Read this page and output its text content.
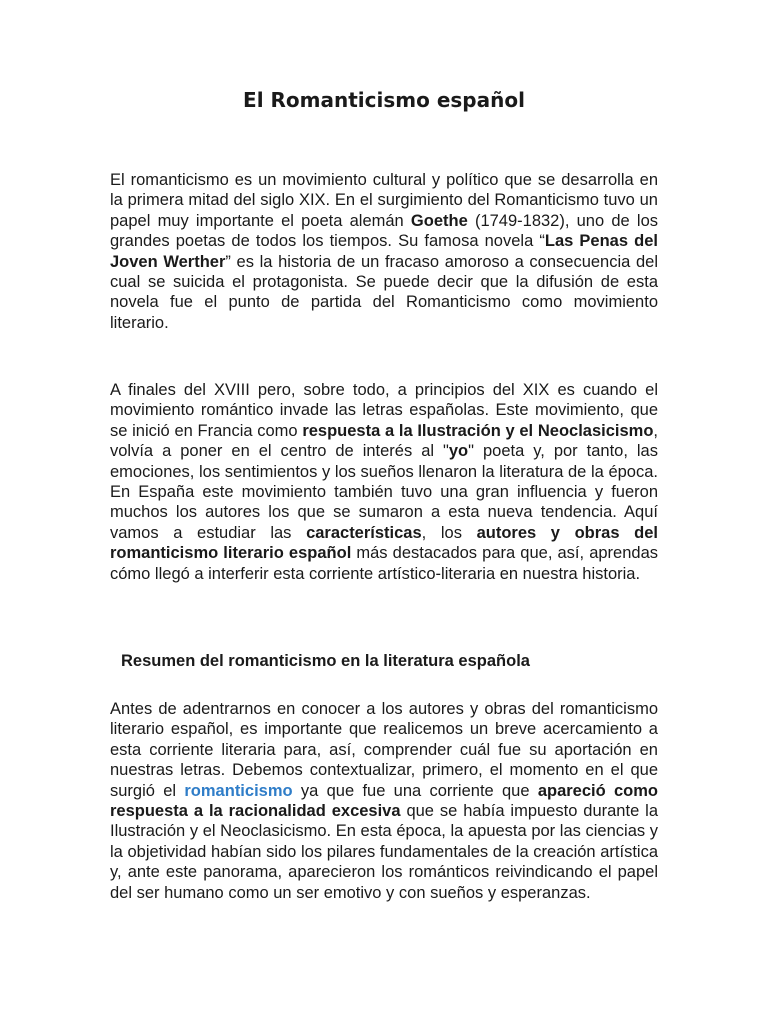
El Romanticismo español

El romanticismo es un movimiento cultural y político que se desarrolla en la primera mitad del siglo XIX. En el surgimiento del Romanticismo tuvo un papel muy importante el poeta alemán Goethe (1749-1832), uno de los grandes poetas de todos los tiempos. Su famosa novela “Las Penas del Joven Werther” es la historia de un fracaso amoroso a consecuencia del cual se suicida el protagonista. Se puede decir que la difusión de esta novela fue el punto de partida del Romanticismo como movimiento literario.

A finales del XVIII pero, sobre todo, a principios del XIX es cuando el movimiento romántico invade las letras españolas. Este movimiento, que se inició en Francia como respuesta a la Ilustración y el Neoclasicismo, volvía a poner en el centro de interés al "yo" poeta y, por tanto, las emociones, los sentimientos y los sueños llenaron la literatura de la época. En España este movimiento también tuvo una gran influencia y fueron muchos los autores los que se sumaron a esta nueva tendencia. Aquí vamos a estudiar las características, los autores y obras del romanticismo literario español más destacados para que, así, aprendas cómo llegó a interferir esta corriente artístico-literaria en nuestra historia.

Resumen del romanticismo en la literatura española

Antes de adentrarnos en conocer a los autores y obras del romanticismo literario español, es importante que realicemos un breve acercamiento a esta corriente literaria para, así, comprender cuál fue su aportación en nuestras letras. Debemos contextualizar, primero, el momento en el que surgió el romanticismo ya que fue una corriente que apareció como respuesta a la racionalidad excesiva que se había impuesto durante la Ilustración y el Neoclasicismo. En esta época, la apuesta por las ciencias y la objetividad habían sido los pilares fundamentales de la creación artística y, ante este panorama, aparecieron los románticos reivindicando el papel del ser humano como un ser emotivo y con sueños y esperanzas.
